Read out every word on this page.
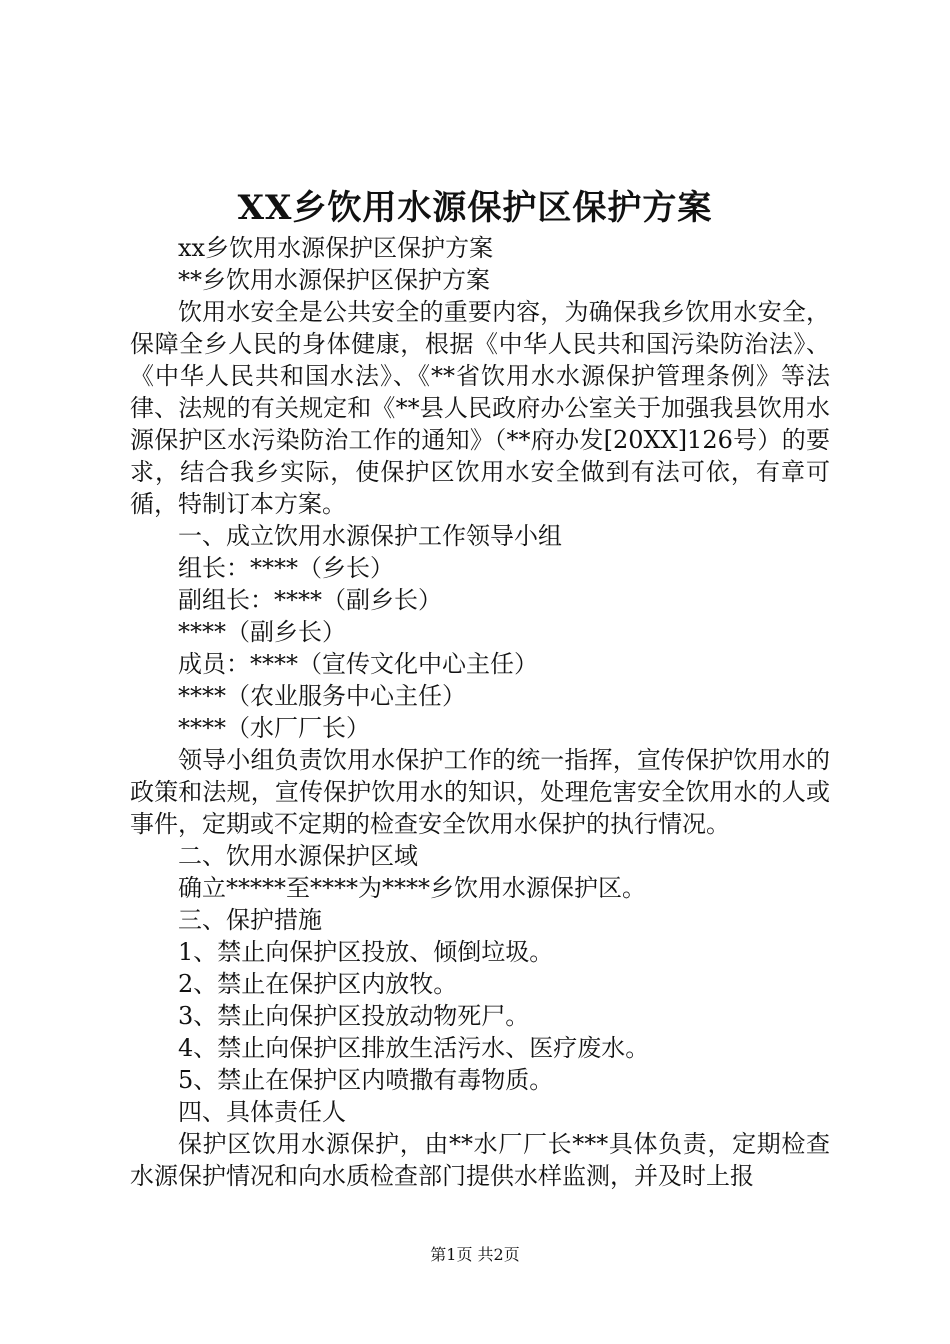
XX乡饮用水源保护区保护方案

xx乡饮用水源保护区保护方案

**乡饮用水源保护区保护方案

饮用水安全是公共安全的重要内容，为确保我乡饮用水安全，保障全乡人民的身体健康，根据《中华人民共和国污染防治法》、《中华人民共和国水法》、《**省饮用水水源保护管理条例》等法律、法规的有关规定和《**县人民政府办公室关于加强我县饮用水源保护区水污染防治工作的通知》（**府办发[20XX]126号）的要求，结合我乡实际，使保护区饮用水安全做到有法可依，有章可循，特制订本方案。

一、成立饮用水源保护工作领导小组

组长：****（乡长）

副组长：****（副乡长）

****（副乡长）

成员：****（宣传文化中心主任）

****（农业服务中心主任）

****（水厂厂长）

领导小组负责饮用水保护工作的统一指挥，宣传保护饮用水的政策和法规，宣传保护饮用水的知识，处理危害安全饮用水的人或事件，定期或不定期的检查安全饮用水保护的执行情况。

二、饮用水源保护区域

确立*****至****为****乡饮用水源保护区。

三、保护措施

1、禁止向保护区投放、倾倒垃圾。

2、禁止在保护区内放牧。

3、禁止向保护区投放动物死尸。

4、禁止向保护区排放生活污水、医疗废水。

5、禁止在保护区内喷撒有毒物质。

四、具体责任人

保护区饮用水源保护，由**水厂厂长***具体负责，定期检查水源保护情况和向水质检查部门提供水样监测，并及时上报

第1页 共2页
